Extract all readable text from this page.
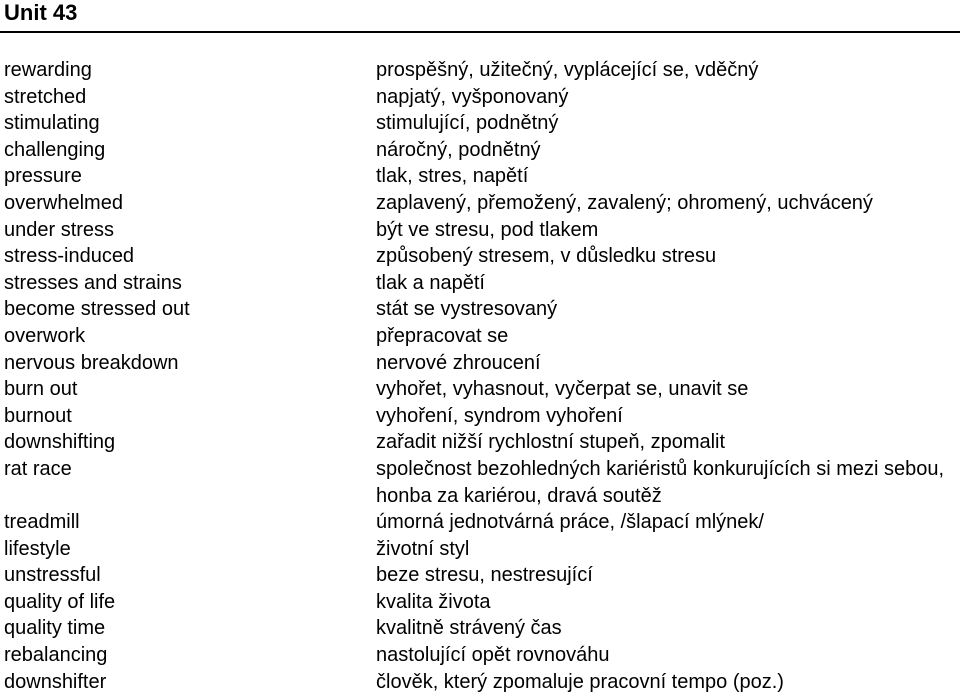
Unit 43
rewarding	prospěšný, užitečný, vyplácející se, vděčný
stretched	napjatý, vyšponovaný
stimulating	stimulující, podnětný
challenging	náročný, podnětný
pressure	tlak, stres, napětí
overwhelmed	zaplavený, přemožený, zavalený; ohromený, uchvácený
under stress	být ve stresu, pod tlakem
stress-induced	způsobený stresem, v důsledku stresu
stresses and strains	tlak a napětí
become stressed out	stát se vystresovaný
overwork	přepracovat se
nervous breakdown	nervové zhroucení
burn out	vyhořet, vyhasnout, vyčerpat se, unavit se
burnout	vyhoření, syndrom vyhoření
downshifting	zařadit nižší rychlostní stupeň, zpomalit
rat race	společnost bezohledných kariéristů konkurujících si mezi sebou, honba za kariérou, dravá soutěž
treadmill	úmorná jednotvárná práce, /šlapací mlýnek/
lifestyle	životní styl
unstressful	beze stresu, nestresující
quality of life	kvalita života
quality time	kvalitně strávený čas
rebalancing	nastolující opět rovnováhu
downshifter	člověk, který zpomaluje pracovní tempo (poz.)
